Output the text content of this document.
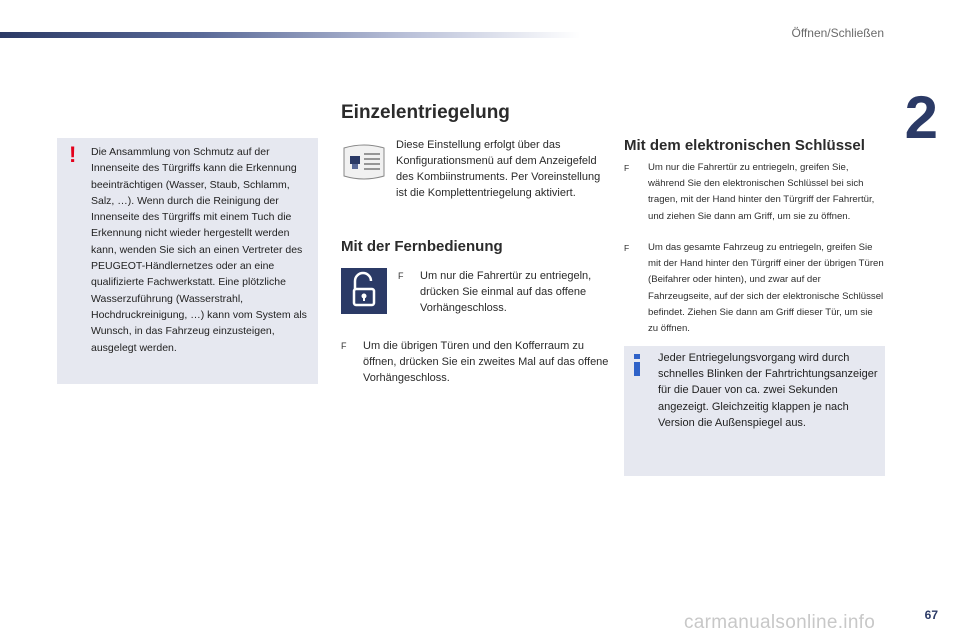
Öffnen/Schließen
2
! Die Ansammlung von Schmutz auf der Innenseite des Türgriffs kann die Erkennung beeinträchtigen (Wasser, Staub, Schlamm, Salz, …). Wenn durch die Reinigung der Innenseite des Türgriffs mit einem Tuch die Erkennung nicht wieder hergestellt werden kann, wenden Sie sich an einen Vertreter des PEUGEOT-Händlernetzes oder an eine qualifizierte Fachwerkstatt. Eine plötzliche Wasserzuführung (Wasserstrahl, Hochdruckreinigung, …) kann vom System als Wunsch, in das Fahrzeug einzusteigen, ausgelegt werden.
Einzelentriegelung
Diese Einstellung erfolgt über das Konfigurationsmenü auf dem Anzeigefeld des Kombiinstruments. Per Voreinstellung ist die Komplettentriegelung aktiviert.
Mit der Fernbedienung
F	Um nur die Fahrertür zu entriegeln, drücken Sie einmal auf das offene Vorhängeschloss.
F	Um die übrigen Türen und den Kofferraum zu öffnen, drücken Sie ein zweites Mal auf das offene Vorhängeschloss.
Mit dem elektronischen Schlüssel
F	Um nur die Fahrertür zu entriegeln, greifen Sie, während Sie den elektronischen Schlüssel bei sich tragen, mit der Hand hinter den Türgriff der Fahrertür, und ziehen Sie dann am Griff, um sie zu öffnen.
F	Um das gesamte Fahrzeug zu entriegeln, greifen Sie mit der Hand hinter den Türgriff einer der übrigen Türen (Beifahrer oder hinten), und zwar auf der Fahrzeugseite, auf der sich der elektronische Schlüssel befindet. Ziehen Sie dann am Griff dieser Tür, um sie zu öffnen.
Jeder Entriegelungsvorgang wird durch schnelles Blinken der Fahrtrichtungsanzeiger für die Dauer von ca. zwei Sekunden angezeigt. Gleichzeitig klappen je nach Version die Außenspiegel aus.
67
carmanualsonline.info
